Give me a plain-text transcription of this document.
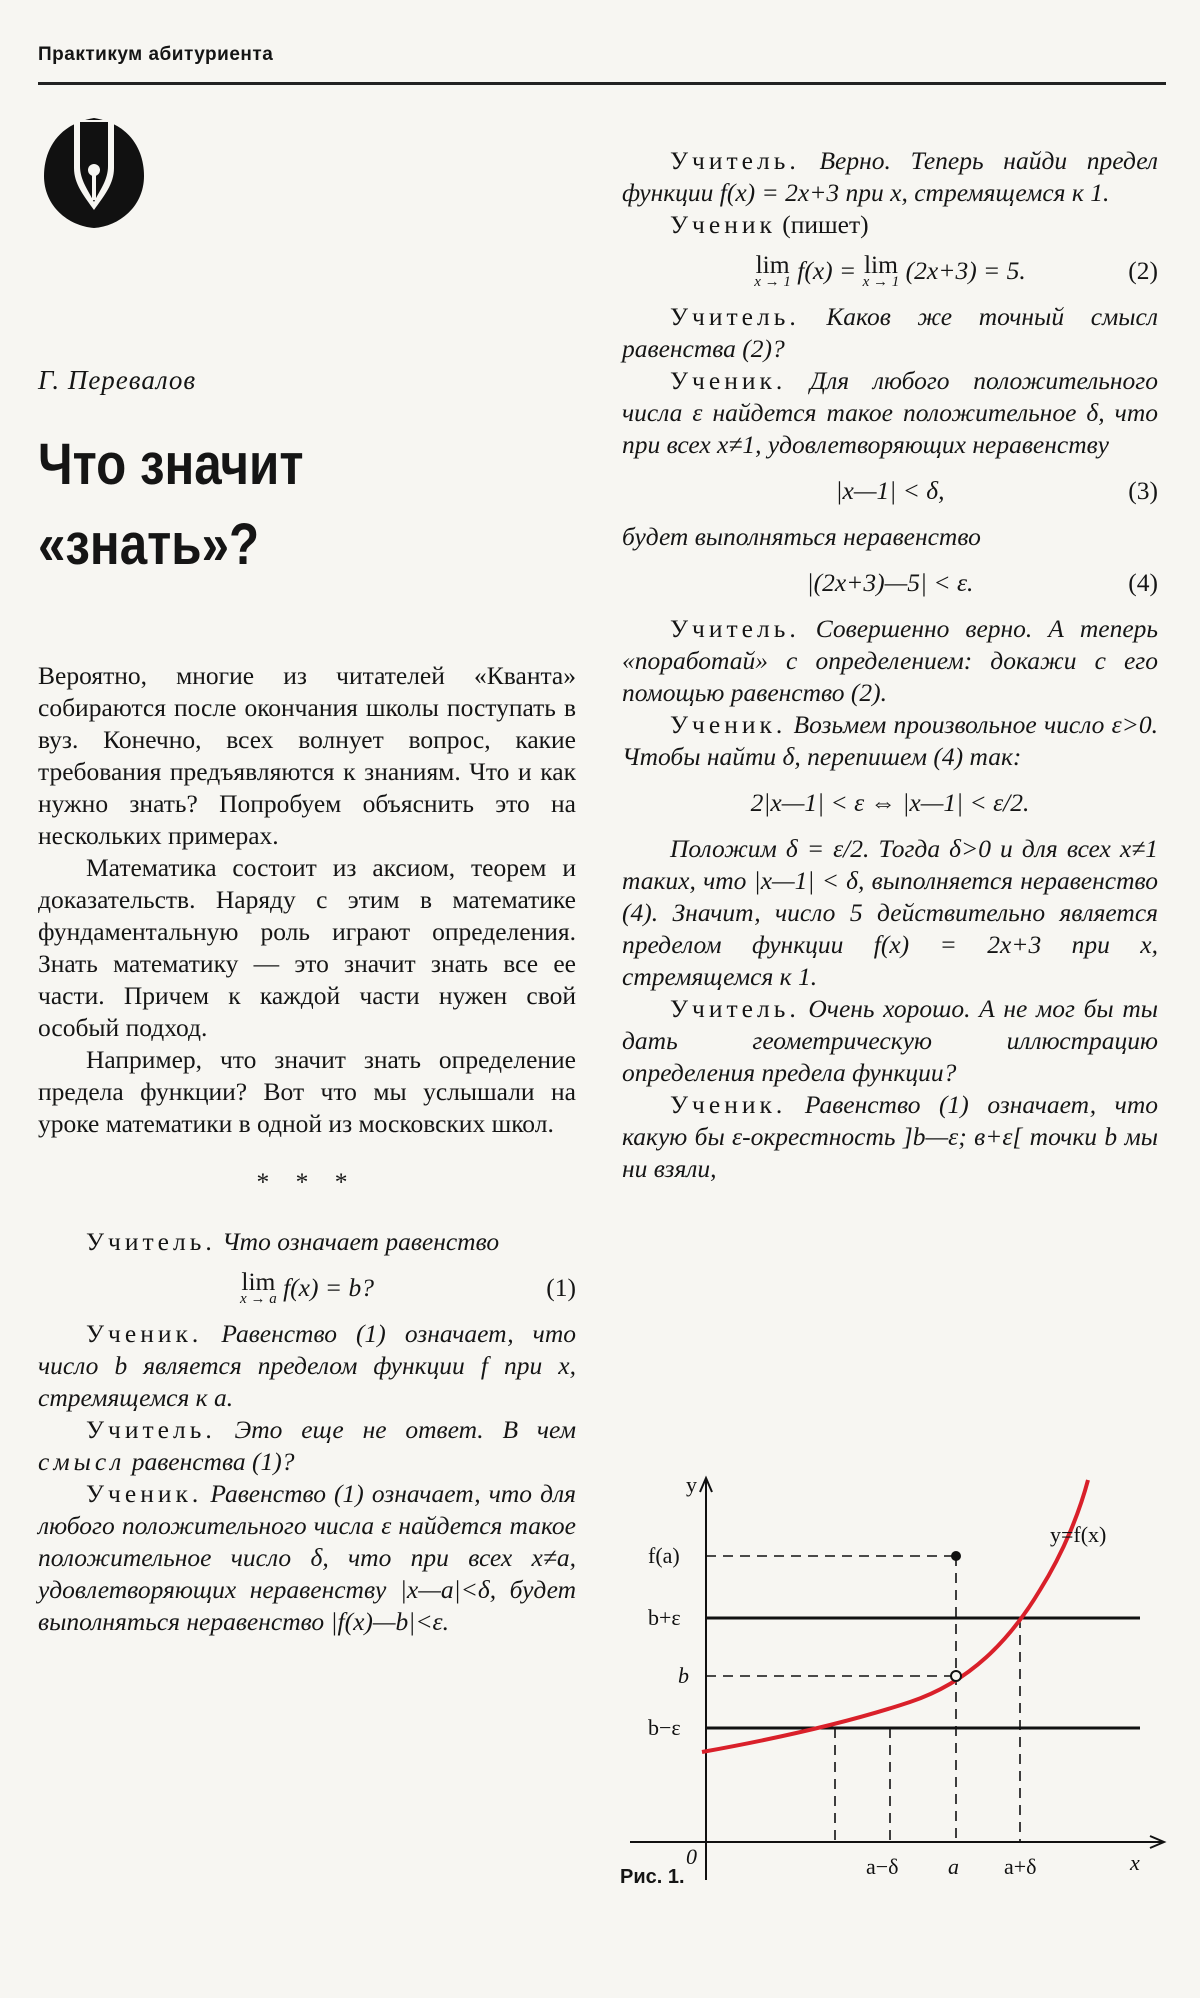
Практикум абитуриента
Г. Перевалов
Что значит
«знать»?

Вероятно, многие из читателей «Кванта» собираются после окончания школы поступать в вуз. Конечно, всех волнует вопрос, какие требования предъявляются к знаниям. Что и как нужно знать? Попробуем объяснить это на нескольких примерах.

Математика состоит из аксиом, теорем и доказательств. Наряду с этим в математике фундаментальную роль играют определения. Знать математику — это значит знать все ее части. Причем к каждой части нужен свой особый подход.

Например, что значит знать определение предела функции? Вот что мы услышали на уроке математики в одной из московских школ.

* * *

Учитель. Что означает равенство

lim
x → a f(x) = b?	(1)

Ученик. Равенство (1) означает, что число b является пределом функции f при x, стремящемся к a.

Учитель. Это еще не ответ. В чем смысл равенства (1)?

Ученик. Равенство (1) означает, что для любого положительного числа ε найдется такое положительное число δ, что при всех x≠a, удовлетворяющих неравенству |x—a|<δ, будет выполняться неравенство |f(x)—b|<ε.

Учитель. Верно. Теперь найди предел функции f(x) = 2x+3 при x, стремящемся к 1.

Ученик (пишет)

lim
x → 1 f(x) = lim
x → 1 (2x+3) = 5.	(2)

Учитель. Каков же точный смысл равенства (2)?

Ученик. Для любого положительного числа ε найдется такое положительное δ, что при всех x≠1, удовлетворяющих неравенству

|x—1| < δ,	(3)

будет выполняться неравенство

|(2x+3)—5| < ε.	(4)

Учитель. Совершенно верно. А теперь «поработай» с определением: докажи с его помощью равенство (2).

Ученик. Возьмем произвольное число ε>0. Чтобы найти δ, перепишем (4) так:

2|x—1| < ε ⇔ |x—1| < ε/2.

Положим δ = ε/2. Тогда δ>0 и для всех x≠1 таких, что |x—1| < δ, выполняется неравенство (4). Значит, число 5 действительно является пределом функции f(x) = 2x+3 при x, стремящемся к 1.

Учитель. Очень хорошо. А не мог бы ты дать геометрическую иллюстрацию определения предела функции?

Ученик. Равенство (1) означает, что какую бы ε-окрестность ]b—ε; в+ε[ точки b мы ни взяли,

y
x
0
f(a)
b+ε
b
b−ε
y=f(x)
a−δ a a+δ
Рис. 1.
